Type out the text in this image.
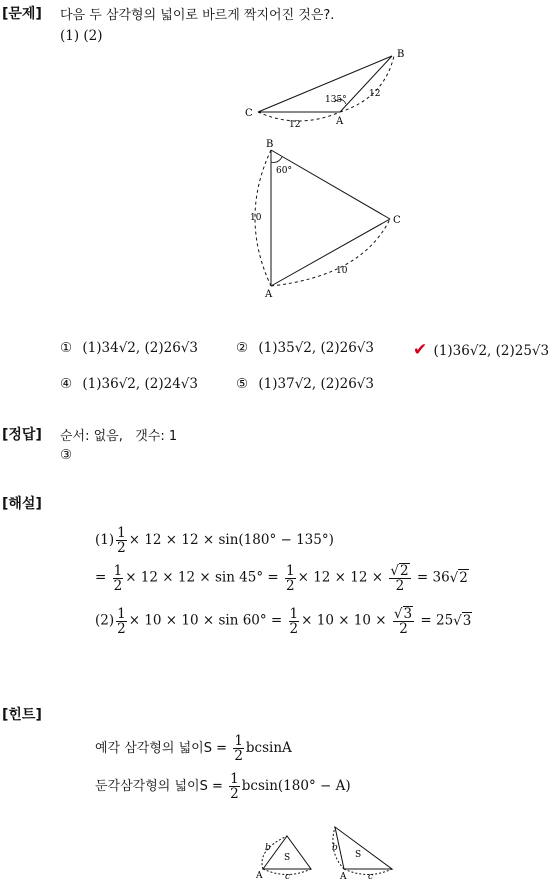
[문제] 다음 두 삼각형의 넓이로 바르게 짝지어진 것은?.
(1) (2)
B
C
A
135°
12
12
B
C
A
60°
10
10
① (1)34√2, (2)26√3	② (1)35√2, (2)26√3 ✔ (1)36√2, (2)25√3
④ (1)36√2, (2)24√3	⑤ (1)37√2, (2)26√3
[정답] 순서: 없음,   갯수: 1
③
[해설]
$(1) \frac{1}{2} \times 12 \times 12 \times \sin(180^\circ - 135^\circ)$
= $\frac{1}{2} \times 12 \times 12 \times \sin 45^\circ = \frac{1}{2} \times 12 \times 12 \times \frac{√2}{2} = 36√2$
$(2) \frac{1}{2} \times 10 \times 10 \times \sin 60^\circ = \frac{1}{2} \times 10 \times 10 \times \frac{√3}{2} = 25√3$
[힌트]
예각 삼각형의 넓이$S = \frac{1}{2}$ bcsinA
둔각삼각형의 넓이$S = \frac{1}{2} bcsin(180^\circ - A)$
b
S
A	c
b
S
A c
